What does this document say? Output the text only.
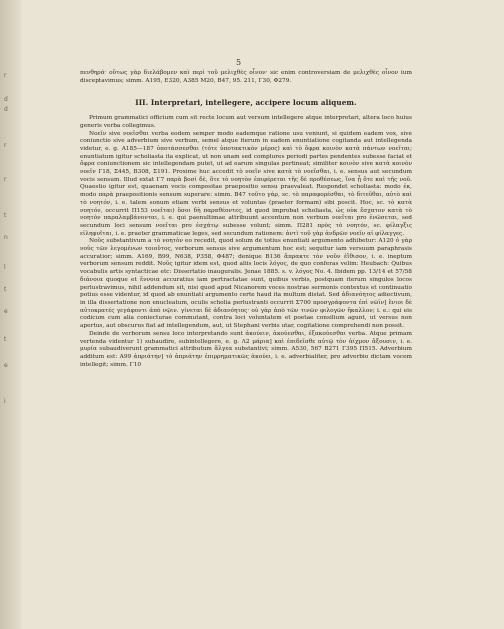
r
d
d
r
r
t
n
l
t
e
t
e
i
5

πενθηρά· οὔτως γὰρ διελάβομεν καὶ περὶ τοῦ μελιχθὲς οἶνον· sic enim controversiam de μελιχθὲς οἶνον ium disceptavimus; simm. A195, E320, A385 M20, B47, 95. 211, Γ30, Φ279.

III. Interpretari, intellegere, accipere locum aliquem.

Primum grammatici officium cum sit recte locum aut versum intellegere atque interpretari, altera loco huius generis verba collegimus.

Νοεῖν sive νοεῖσθαι verba eodem semper modo eademque ratione usu veniunt, si quidem eadem vox, sive coniunctio sive adverbium sive verbum, semel atque iterum in eadem enuntiatione cogitanda aut intellegenda videtur, e. g. A185—187 ὑποτάσσεσθαι (τότε ὑποτακτικὸν μέρος) καὶ τὸ ὄφρα κοινὸν κατὰ πάντων νοεῖται; enuntiatum igitur scholiasta ita explicat, ut non unam sed complures periodi partes pendentes subesse faciat et ὄφρα coniunctionem sic intellegendam putet, ut ad earum singulas pertineat; similiter κοινὸν sive κατὰ κοινὸν νοεῖν Γ18, Σ445, B308, Σ191. Proxime huc accedit τὸ νοεῖν sive κατὰ τὸ νοεῖσθαι, i. e. sensus aut secundum vocis sensum. Illud extat Γ7 παρὰ βοσὶ δὲ, ὅτε τὸ νοητὸν ἐπιφέρεται τῆς δὲ προθέσεως, ἵνα ᾖ ὅτε καὶ τῆς νοῦ. Quaestio igitur est, quaenam vocis compositae praepositio sensu praevaleat. Respondet scholiasta: modo ἐκ, modo παρὰ praepositionis sensum superare: simm. B47 τοῦτο γάρ, sc. τὸ παραφορέσθαι, τὸ διτεῦθαι, αὐτὸ καὶ τὸ νοητόν, i. e. talem sonum etiam verbi sensus et voluntas (praeter formam) sibi poscit. Hoc, sc. τὸ κατὰ νοητόν, occurrit Π153 νοεῖται) ὅσοι δὴ παραθέοντες, id quod improbat scholiasta, ὡς οὐκ ἔσχατον κατὰ τὸ νοητὸν παραλαμβάνονται, i. e. qui paenultimae attribuunt accentum non verbum νοεῖται pro ἐνῶσεται, sed secundum loci sensum νοεῖται pro ἐσχάτῳ subesse volunt; simm. Π281 πρὸς τὸ νοητόν, sc. φίλαγξις εἰληφυῖται, i. e. praeter grammaticae leges, sed secundum rationem: ἀντὶ τοῦ γὰρ ἀνδρῶν νοεῖν αἱ φίλαγγες.

Νοῦς substantivum a τὸ νοητὸν eo recedit, quod solum de totius enuntiati argumento adhibetur: A120 ὁ γὰρ νοῦς τῶν λεγομένων τοιοῦτος, verborum sensus sive argumentum hoc est; sequitur iam versuum paraphrasis accuratior; simm. A169, B99, N638, P358, Φ487; denique B136 ἄπρακτε τὸν νοῦν ἐἴθισον, i. e. ineptum verborum sensum reddit. Νοῦς igitur idem est, quod aliis locis λόγος, de quo conferas velim: Heubach: Quibus vocabulis artis syntacticae etc: Dissertatio inauguralis. Jenae 1885. s. v. λόγος No. 4. Ibidem pp. 13/14 et 57/58 διάνοια quoque et ἔννοια accuratius iam pertractatae sunt, quibus verbis, postquam iterum singulos locos perlustravimus, nihil addendum sit, nisi quod apud Nicanorem voces nostrae sermonis contextus et continuatio potius esse videntur, id quod ab enuntiati argumento certe haud ita multum distat. Sed ἀδιανόητος adiectivum, in illa dissertatione non enucleatum, oculis scholia perlustranti occurrit Σ700 προσγράφοντα ἐπὶ νῶϊν] ἔνιοι δὲ αὐτοκρατές γεγάφοντι ἀπὸ νῷιν. γίνεται δὲ ἀδιανόητος· οὐ γὰρ ἀπὸ τῶν τινῶν φιλογῶν ἤκαλλον; i. e.: qui eis codicum cum alia coniecturae commutant, contra loci voluntatem et poetae consilium agunt, ut versus non apertus, aut obscurus fiat ad intellegendum, aut, ut Stephani verbis utar, cogitatione comprehendi non possit.

Deinde de verborum sensu loco interpretando sunt ἀκούειν, ἀκούεσθαι, ἐξακούεσθαι verba. Atque primam vertenda videntur 1) subaudire, subintellegere, e. g. Λ2 μάρια] καὶ ἐπιδεῖσθε αὐτῷ τὸν ἀίχμον ἄξουσιν, i. e. μυρία subaudiverunt grammatici attributum ἄλγεα substantivi; simm. A530, 567 B271 Γ395 Π515. Adverbium additum est: A99 ἀπριάτην] τὸ ἀπριάτην ἐπιρρηματικῶς ἀκούει, i. e. adverbialiter, pro adverbio dictam vocem intellegit; simm. Γ10
